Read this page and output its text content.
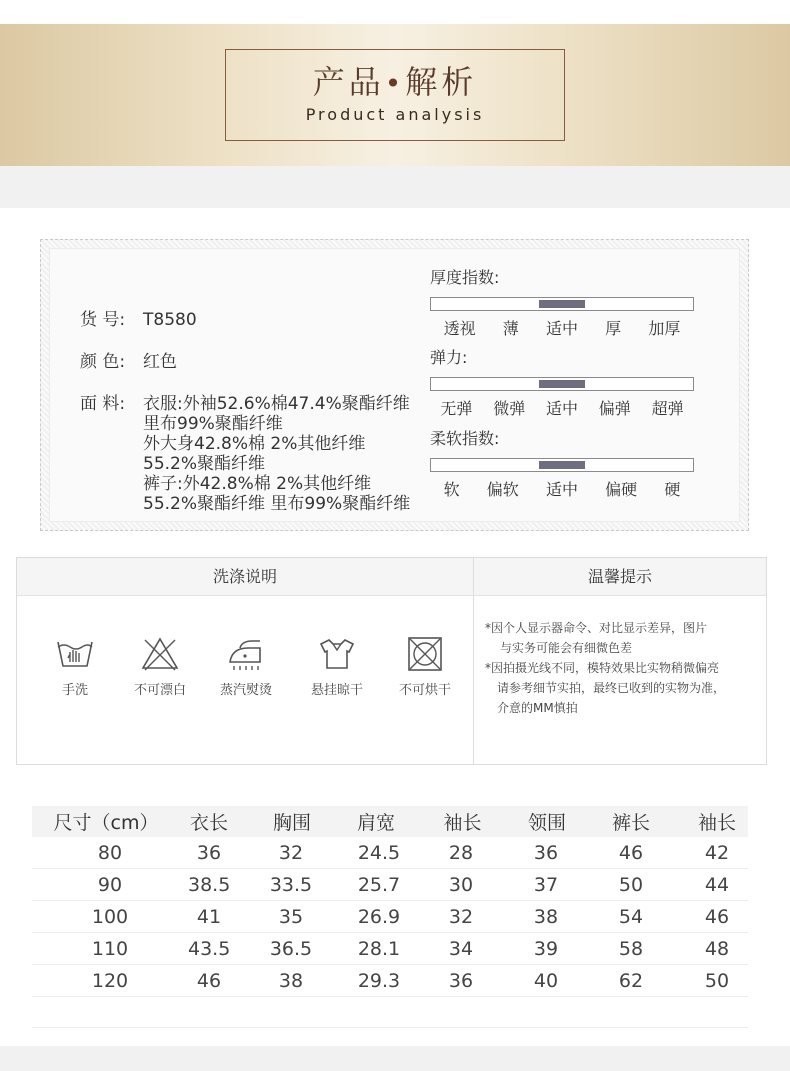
产品•解析
Product analysis
货 号: T8580
颜 色: 红色
面 料: 衣服:外袖52.6%棉47.4%聚酯纤维
里布99%聚酯纤维
外大身42.8%棉 2%其他纤维
55.2%聚酯纤维
裤子:外42.8%棉 2%其他纤维
55.2%聚酯纤维 里布99%聚酯纤维
厚度指数:
透视 薄 适中 厚 加厚
弹力:
无弹 微弹 适中 偏弹 超弹
柔软指数:
软 偏软 适中 偏硬 硬
洗涤说明	温馨提示
手洗	不可漂白	蒸汽熨烫	悬挂晾干	不可烘干
*因个人显示器命令、对比显示差异，图片
与实务可能会有细微色差
*因拍摄光线不同，模特效果比实物稍微偏亮
请参考细节实拍，最终已收到的实物为准，
介意的MM慎拍
尺寸（cm）	衣长	胸围	肩宽	袖长	领围	裤长	袖长
80	36	32	24.5	28	36	46	42
90	38.5	33.5	25.7	30	37	50	44
100	41	35	26.9	32	38	54	46
110	43.5	36.5	28.1	34	39	58	48
120	46	38	29.3	36	40	62	50
